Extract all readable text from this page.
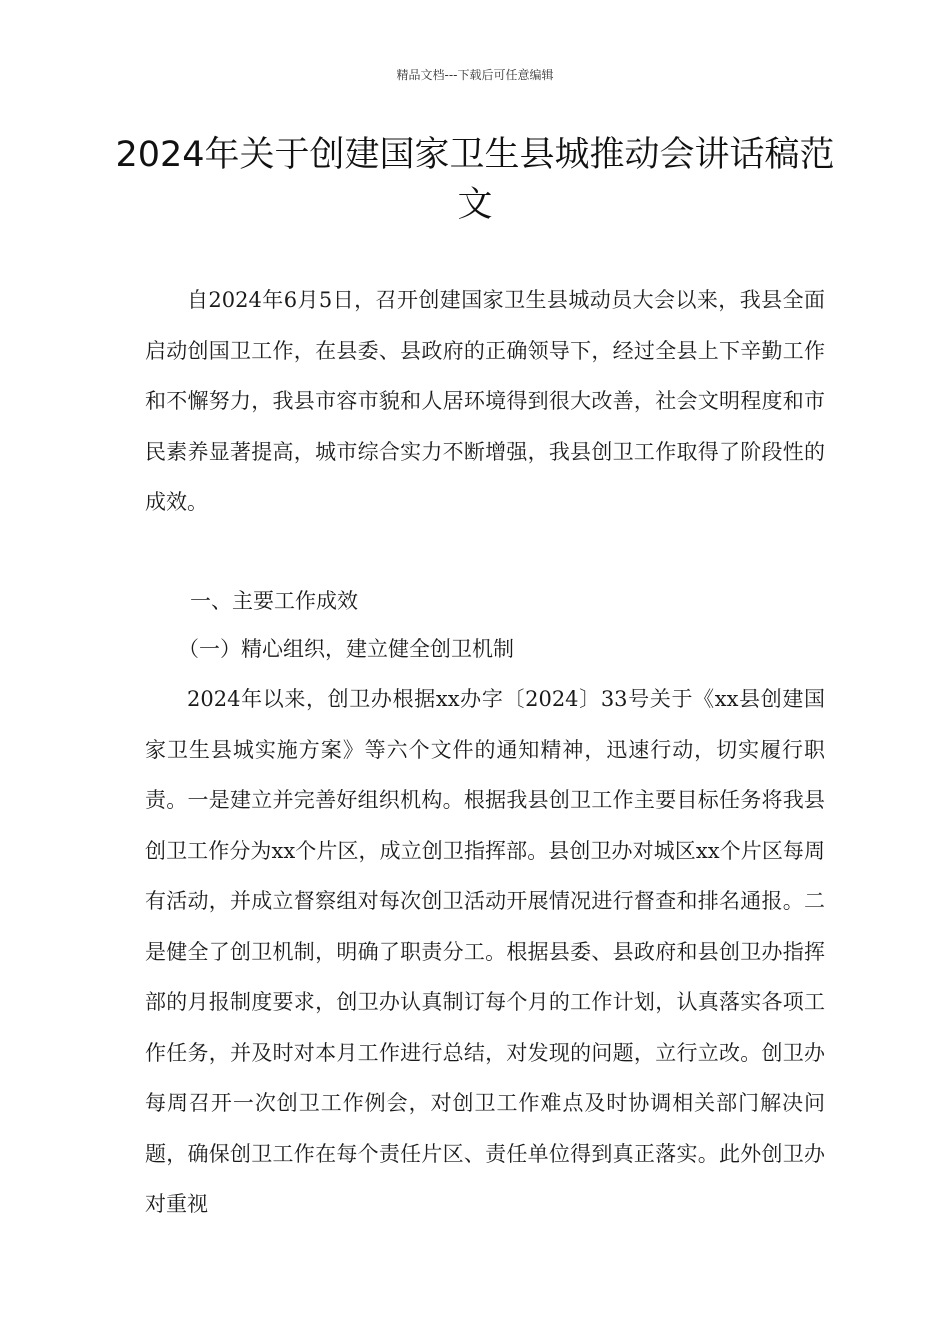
精品文档---下载后可任意编辑
2024年关于创建国家卫生县城推动会讲话稿范文

自2024年6月5日，召开创建国家卫生县城动员大会以来，我县全面启动创国卫工作，在县委、县政府的正确领导下，经过全县上下辛勤工作和不懈努力，我县市容市貌和人居环境得到很大改善，社会文明程度和市民素养显著提高，城市综合实力不断增强，我县创卫工作取得了阶段性的成效。

一、主要工作成效
（一）精心组织，建立健全创卫机制

2024年以来，创卫办根据xx办字〔2024〕33号关于《xx县创建国家卫生县城实施方案》等六个文件的通知精神，迅速行动，切实履行职责。一是建立并完善好组织机构。根据我县创卫工作主要目标任务将我县创卫工作分为xx个片区，成立创卫指挥部。县创卫办对城区xx个片区每周有活动，并成立督察组对每次创卫活动开展情况进行督查和排名通报。二是健全了创卫机制，明确了职责分工。根据县委、县政府和县创卫办指挥部的月报制度要求，创卫办认真制订每个月的工作计划，认真落实各项工作任务，并及时对本月工作进行总结，对发现的问题，立行立改。创卫办每周召开一次创卫工作例会，对创卫工作难点及时协调相关部门解决问题，确保创卫工作在每个责任片区、责任单位得到真正落实。此外创卫办对重视
